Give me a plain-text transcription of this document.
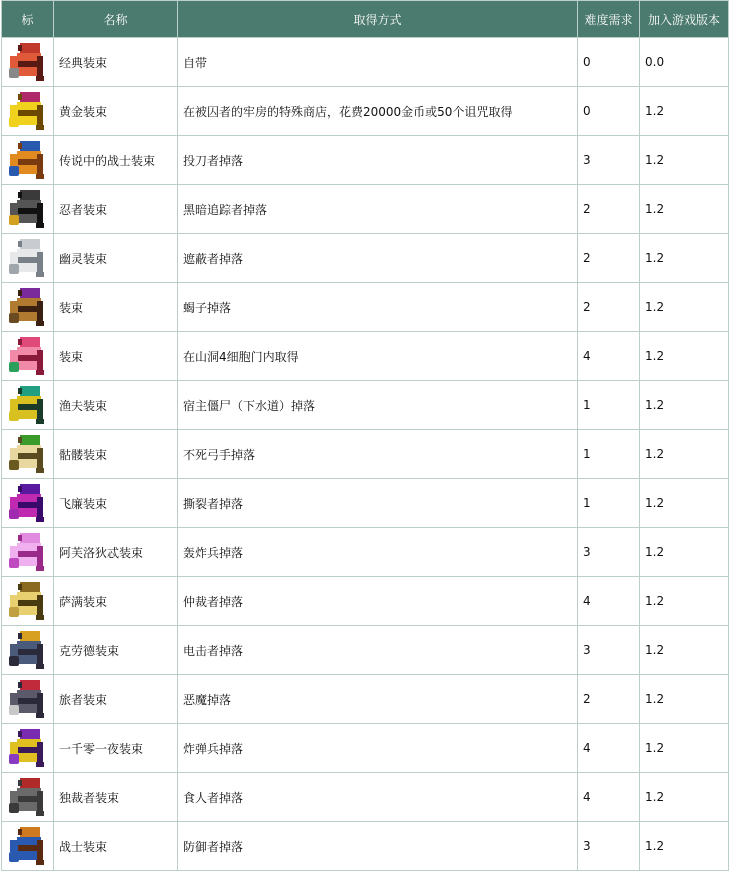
标	名称	取得方式	难度需求	加入游戏版本
	经典装束	自带	0	0.0
	黄金装束	在被囚者的牢房的特殊商店，花费20000金币或50个诅咒取得	0	1.2
	传说中的战士装束	投刀者掉落	3	1.2
	忍者装束	黑暗追踪者掉落	2	1.2
	幽灵装束	遮蔽者掉落	2	1.2
	装束	蝎子掉落	2	1.2
	装束	在山洞4细胞门内取得	4	1.2
	渔夫装束	宿主僵尸（下水道）掉落	1	1.2
	骷髅装束	不死弓手掉落	1	1.2
	飞廉装束	撕裂者掉落	1	1.2
	阿芙洛狄忒装束	轰炸兵掉落	3	1.2
	萨满装束	仲裁者掉落	4	1.2
	克劳德装束	电击者掉落	3	1.2
	旅者装束	恶魔掉落	2	1.2
	一千零一夜装束	炸弹兵掉落	4	1.2
	独裁者装束	食人者掉落	4	1.2
	战士装束	防御者掉落	3	1.2
